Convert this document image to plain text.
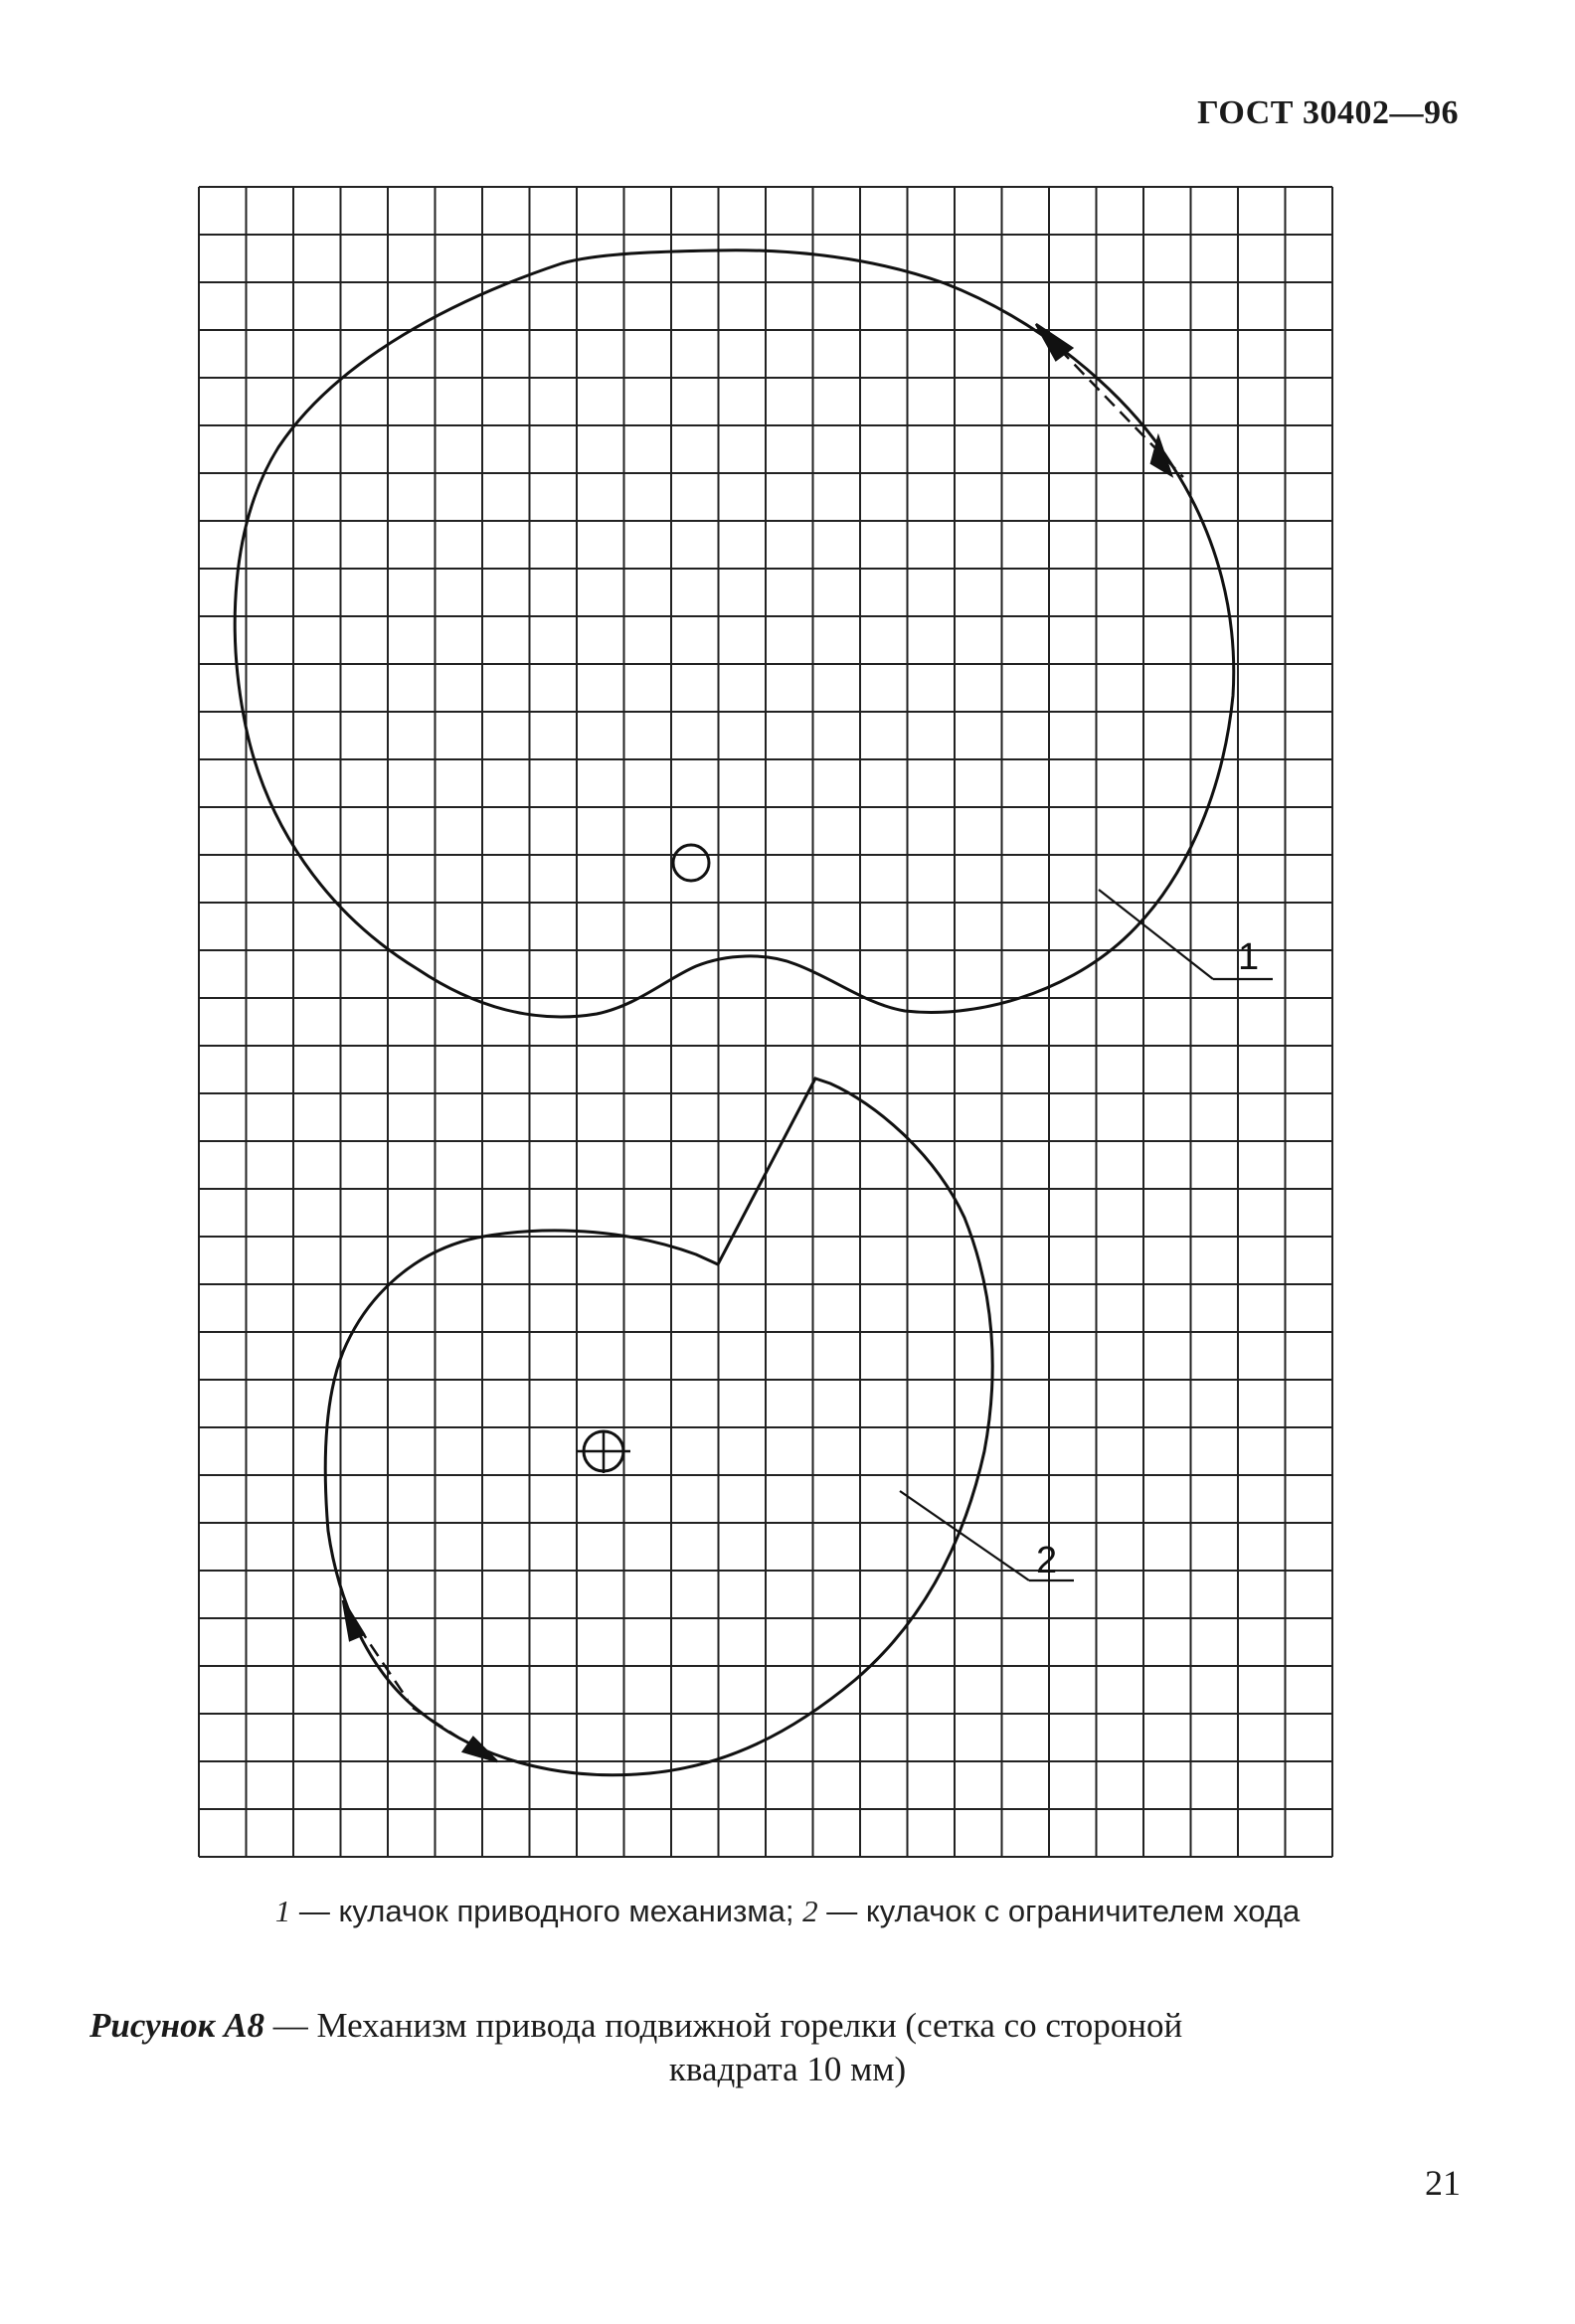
ГОСТ 30402—96
1
2
1 — кулачок приводного механизма; 2 — кулачок с ограничителем хода
Рисунок А8 — Механизм привода подвижной горелки (сетка со стороной
квадрата 10 мм)
21
